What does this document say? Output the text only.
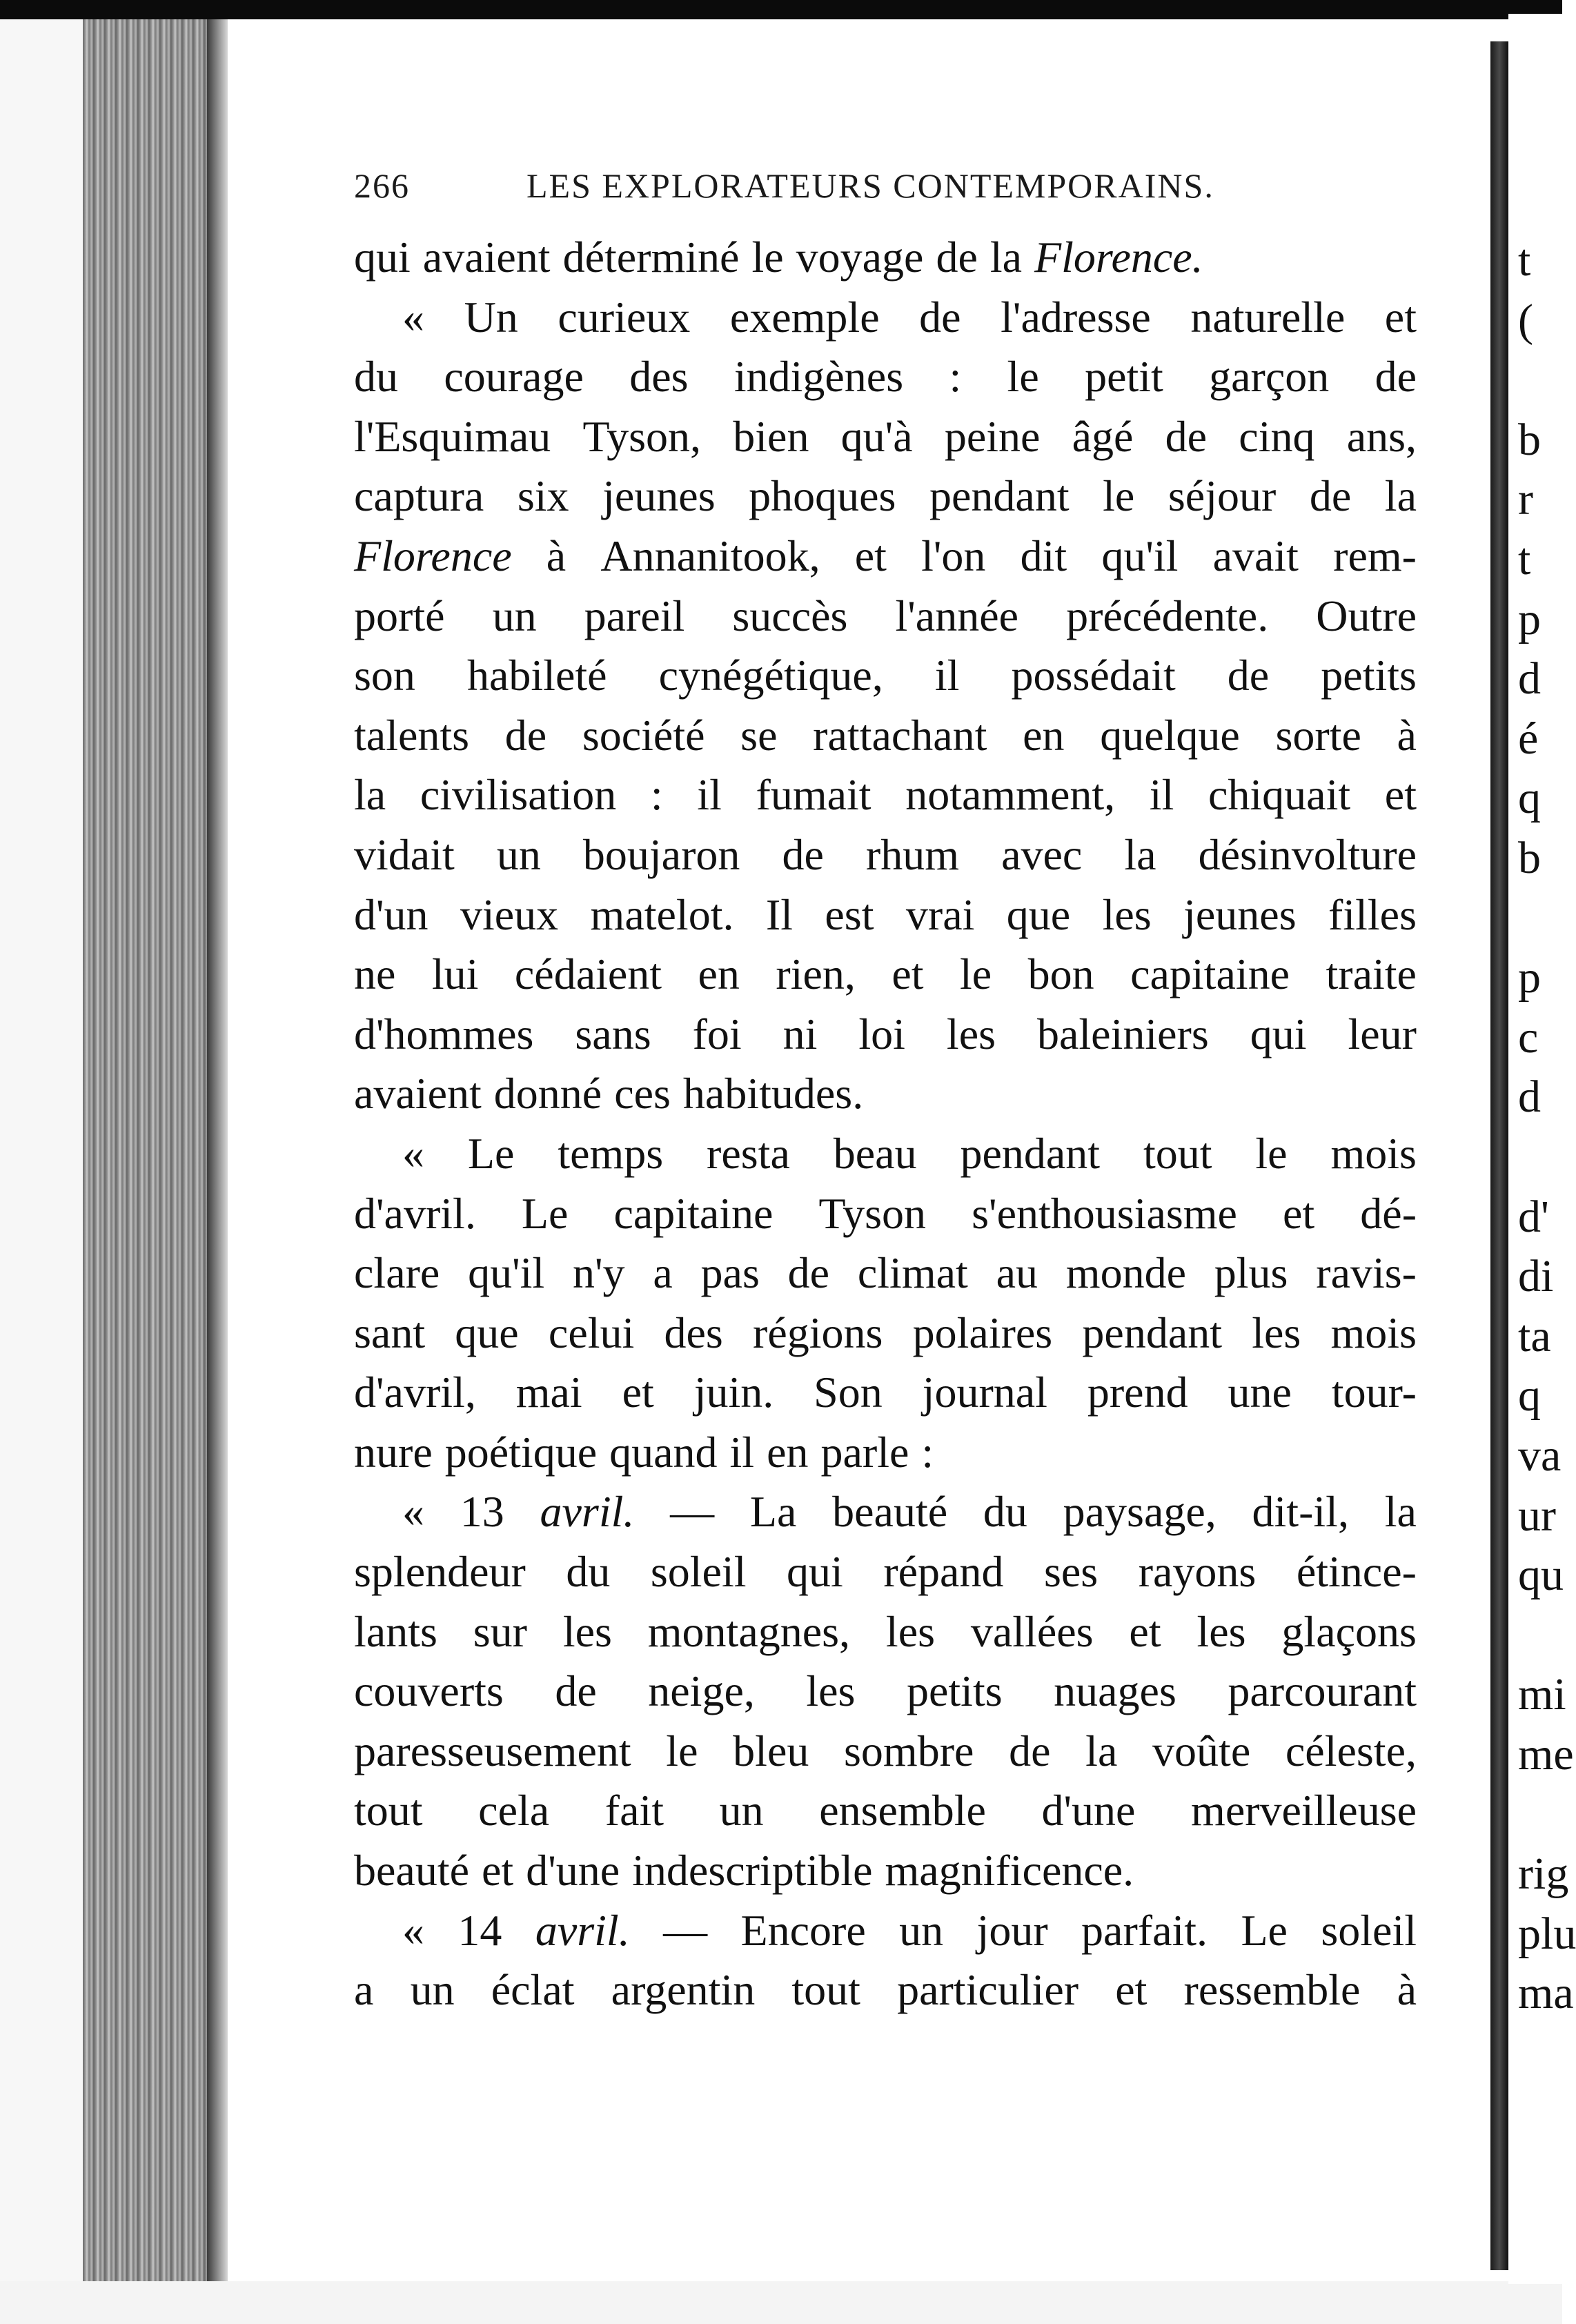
t
(
b
r
t
p
d
é
q
b
p
c
d
d'
di
ta
q
va
ur
qu
mi
me
rig
plu
ma
266	LES EXPLORATEURS CONTEMPORAINS.
qui avaient déterminé le voyage de la Florence.
« Un curieux exemple de l'adresse naturelle et
du courage des indigènes : le petit garçon de
l'Esquimau Tyson, bien qu'à peine âgé de cinq ans,
captura six jeunes phoques pendant le séjour de la
Florence à Annanitook, et l'on dit qu'il avait rem-
porté un pareil succès l'année précédente. Outre
son habileté cynégétique, il possédait de petits
talents de société se rattachant en quelque sorte à
la civilisation : il fumait notamment, il chiquait et
vidait un boujaron de rhum avec la désinvolture
d'un vieux matelot. Il est vrai que les jeunes filles
ne lui cédaient en rien, et le bon capitaine traite
d'hommes sans foi ni loi les baleiniers qui leur
avaient donné ces habitudes.
« Le temps resta beau pendant tout le mois
d'avril. Le capitaine Tyson s'enthousiasme et dé-
clare qu'il n'y a pas de climat au monde plus ravis-
sant que celui des régions polaires pendant les mois
d'avril, mai et juin. Son journal prend une tour-
nure poétique quand il en parle :
« 13 avril. — La beauté du paysage, dit-il, la
splendeur du soleil qui répand ses rayons étince-
lants sur les montagnes, les vallées et les glaçons
couverts de neige, les petits nuages parcourant
paresseusement le bleu sombre de la voûte céleste,
tout cela fait un ensemble d'une merveilleuse
beauté et d'une indescriptible magnificence.
« 14 avril. — Encore un jour parfait. Le soleil
a un éclat argentin tout particulier et ressemble à
